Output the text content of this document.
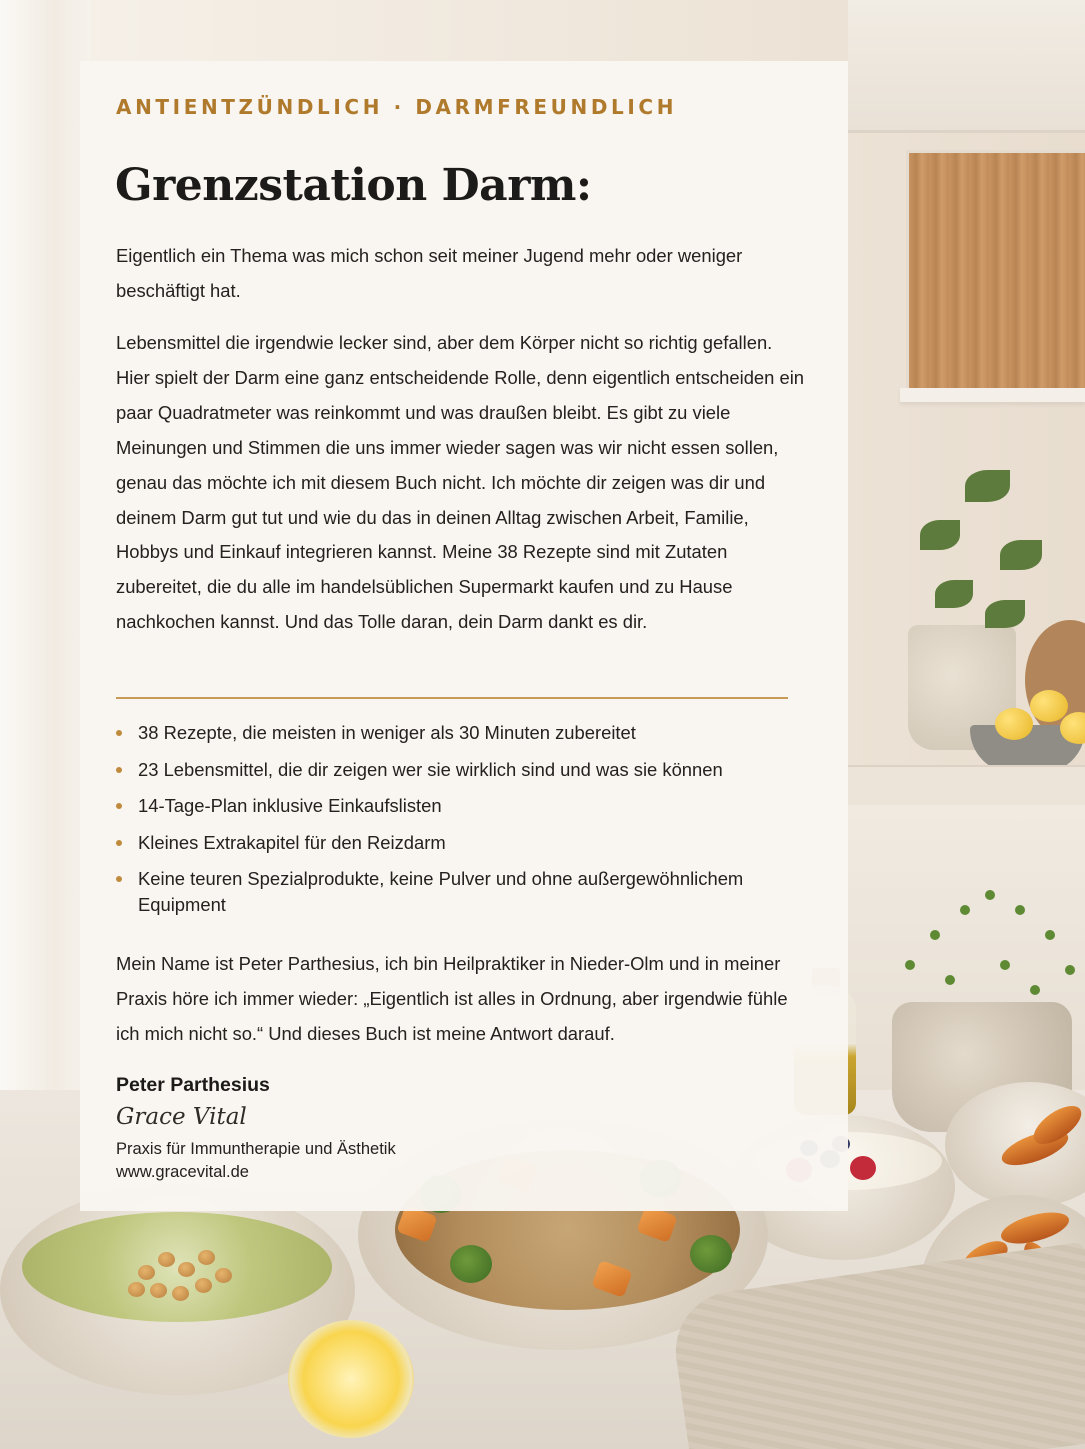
ANTIENTZÜNDLICH · DARMFREUNDLICH
Grenzstation Darm:

Eigentlich ein Thema was mich schon seit meiner Jugend mehr oder weniger beschäftigt hat.

Lebensmittel die irgendwie lecker sind, aber dem Körper nicht so richtig gefallen. Hier spielt der Darm eine ganz entscheidende Rolle, denn eigentlich entscheiden ein paar Quadratmeter was reinkommt und was draußen bleibt. Es gibt zu viele Meinungen und Stimmen die uns immer wieder sagen was wir nicht essen sollen, genau das möchte ich mit diesem Buch nicht. Ich möchte dir zeigen was dir und deinem Darm gut tut und wie du das in deinen Alltag zwischen Arbeit, Familie, Hobbys und Einkauf integrieren kannst. Meine 38 Rezepte sind mit Zutaten zubereitet, die du alle im handelsüblichen Supermarkt kaufen und zu Hause nachkochen kannst. Und das Tolle daran, dein Darm dankt es dir.

38 Rezepte, die meisten in weniger als 30 Minuten zubereitet
23 Lebensmittel, die dir zeigen wer sie wirklich sind und was sie können
14-Tage-Plan inklusive Einkaufslisten
Kleines Extrakapitel für den Reizdarm
Keine teuren Spezialprodukte, keine Pulver und ohne außergewöhnlichem Equipment

Mein Name ist Peter Parthesius, ich bin Heilpraktiker in Nieder-Olm und in meiner Praxis höre ich immer wieder: „Eigentlich ist alles in Ordnung, aber irgendwie fühle ich mich nicht so.“ Und dieses Buch ist meine Antwort darauf.

Peter Parthesius
Grace Vital
Praxis für Immuntherapie und Ästhetik
www.gracevital.de
